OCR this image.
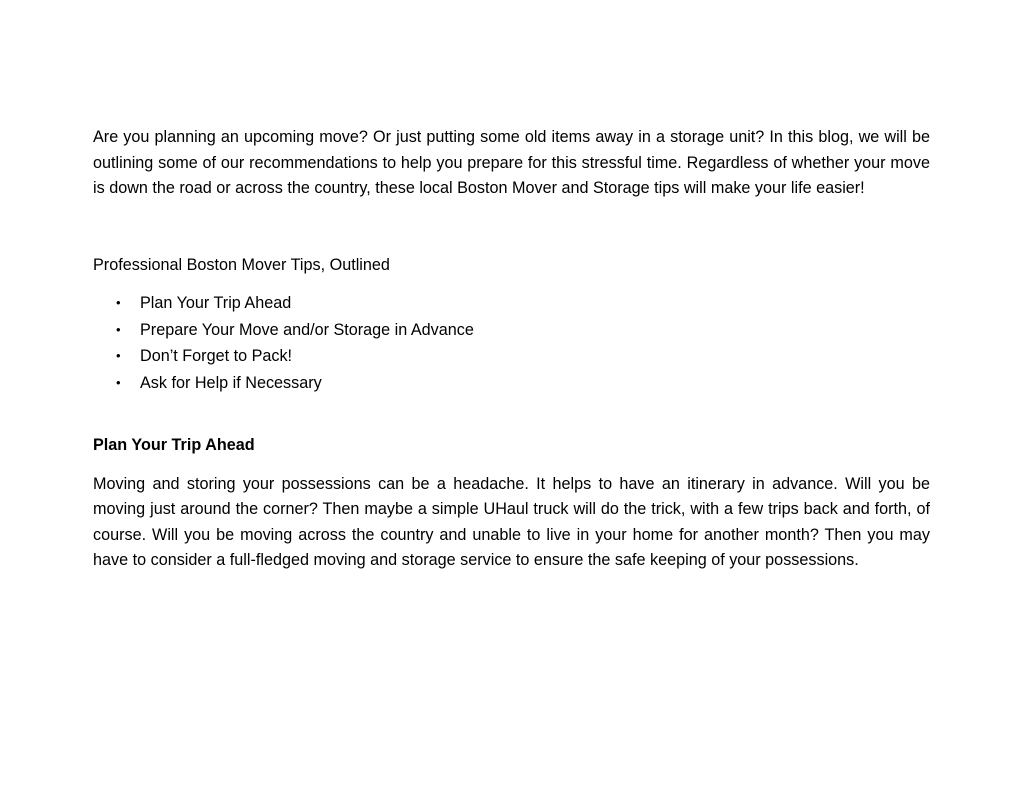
Are you planning an upcoming move? Or just putting some old items away in a storage unit? In this blog, we will be outlining some of our recommendations to help you prepare for this stressful time. Regardless of whether your move is down the road or across the country, these local Boston Mover and Storage tips will make your life easier!

Professional Boston Mover Tips, Outlined

• Plan Your Trip Ahead
• Prepare Your Move and/or Storage in Advance
• Don’t Forget to Pack!
• Ask for Help if Necessary
Plan Your Trip Ahead

Moving and storing your possessions can be a headache. It helps to have an itinerary in advance. Will you be moving just around the corner? Then maybe a simple UHaul truck will do the trick, with a few trips back and forth, of course. Will you be moving across the country and unable to live in your home for another month? Then you may have to consider a full-fledged moving and storage service to ensure the safe keeping of your possessions.
